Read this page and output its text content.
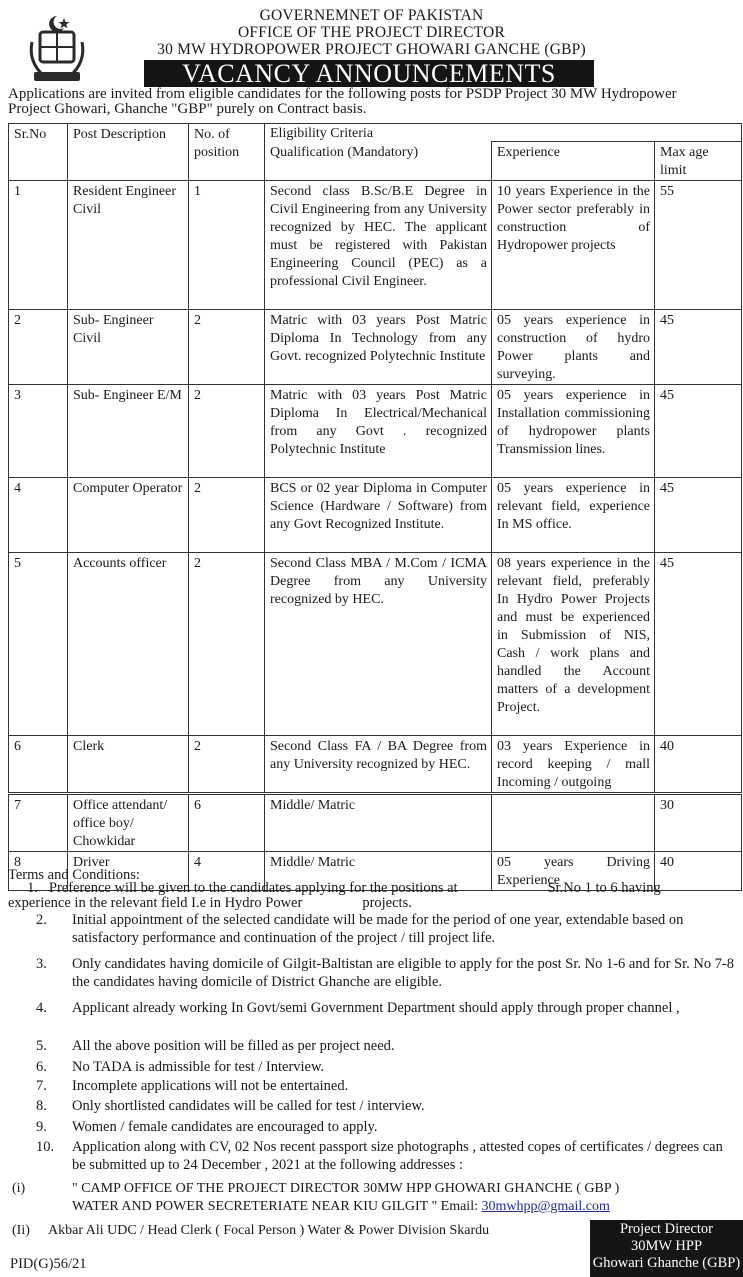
GOVERNEMNET OF PAKISTAN
OFFICE OF THE PROJECT DIRECTOR
30 MW HYDROPOWER PROJECT GHOWARI GANCHE (GBP)
VACANCY ANNOUNCEMENTS
Applications are invited from eligible candidates for the following posts for PSDP Project 30 MW Hydropower
Project Ghowari, Ghanche "GBP" purely on Contract basis.
Sr.No	Post Description	No. of position	Eligibility Criteria		
			Qualification (Mandatory)	Experience	Max age limit
1	Resident Engineer Civil	1	Second class B.Sc/B.E Degree in Civil Engineering from any University recognized by HEC. The applicant must be registered with Pakistan Engineering Council (PEC) as a professional Civil Engineer.	10 years Experience in the Power sector preferably in construction of Hydropower projects	55
2	Sub- Engineer Civil	2	Matric with 03 years Post Matric Diploma In Technology from any Govt. recognized Polytechnic Institute	05 years experience in construction of hydro Power plants and surveying.	45
3	Sub- Engineer E/M	2	Matric with 03 years Post Matric Diploma In Electrical/Mechanical from any Govt . recognized Polytechnic Institute	05 years experience in Installation commissioning of hydropower plants Transmission lines.	45
4	Computer Operator	2	BCS or 02 year Diploma in Computer Science (Hardware / Software) from any Govt Recognized Institute.	05 years experience in relevant field, experience In MS office.	45
5	Accounts officer	2	Second Class MBA / M.Com / ICMA Degree from any University recognized by HEC.	08 years experience in the relevant field, preferably In Hydro Power Projects and must be experienced in Submission of NIS, Cash / work plans and handled the Account matters of a development Project.	45
6	Clerk	2	Second Class FA / BA Degree from any University recognized by HEC.	03 years Experience in record keeping / mall Incoming / outgoing	40
7	Office attendant/ office boy/ Chowkidar	6	Middle/ Matric		30
8	Driver	4	Middle/ Matric	05 years Driving Experience	40
Terms and Conditions:
1. Preference will be given to the candidates applying for the positions at	Sr.No 1 to 6 having
experience in the relevant field I.e in Hydro Power	projects.
2.	Initial appointment of the selected candidate will be made for the period of one year, extendable based on satisfactory performance and continuation of the project / till project life.
3.	Only candidates having domicile of Gilgit-Baltistan are eligible to apply for the post Sr. No 1-6 and for Sr. No 7-8 the candidates having domicile of District Ghanche are eligible.
4.	Applicant already working In Govt/semi Government Department should apply through proper channel ,
5.	All the above position will be filled as per project need.
6.	No TADA is admissible for test / Interview.
7.	Incomplete applications will not be entertained.
8.	Only shortlisted candidates will be called for test / interview.
9.	Women / female candidates are encouraged to apply.
10.	Application along with CV, 02 Nos recent passport size photographs , attested copes of certificates / degrees can be submitted up to 24 December , 2021 at the following addresses :
(i)	" CAMP OFFICE OF THE PROJECT DIRECTOR 30MW HPP GHOWARI GHANCHE ( GBP )
WATER AND POWER SECRETERIATE NEAR KIU GILGIT " Email: 30mwhpp@gmail.com
(Ii)	Akbar Ali UDC / Head Clerk ( Focal Person ) Water & Power Division Skardu	Project Director
30MW HPP
Ghowari Ghanche (GBP)
PID(G)56/21
